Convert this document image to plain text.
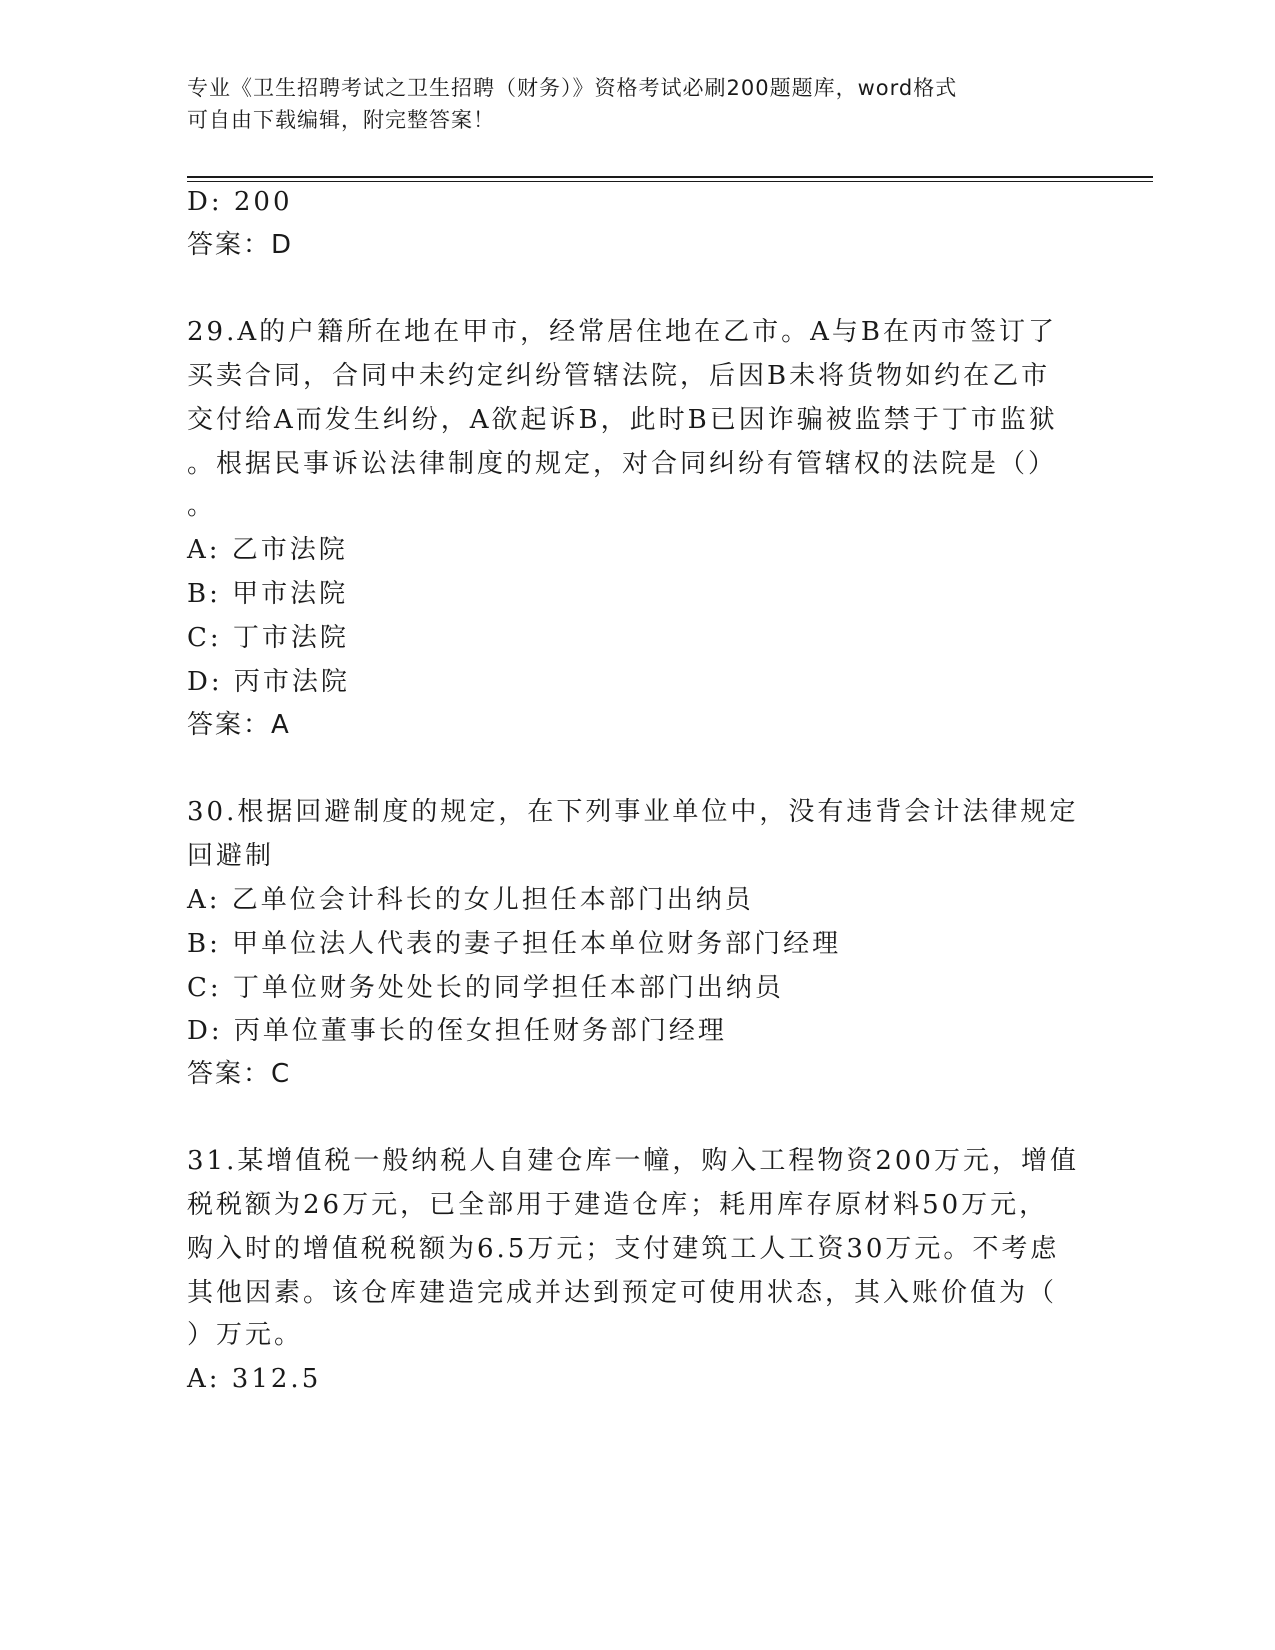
专业《卫生招聘考试之卫生招聘（财务）》资格考试必刷200题题库，word格式
可自由下载编辑，附完整答案！
D: 200
答案：D
29.A的户籍所在地在甲市，经常居住地在乙市。A与B在丙市签订了
买卖合同，合同中未约定纠纷管辖法院，后因B未将货物如约在乙市
交付给A而发生纠纷，A欲起诉B，此时B已因诈骗被监禁于丁市监狱
。根据民事诉讼法律制度的规定，对合同纠纷有管辖权的法院是（）
。
A: 乙市法院
B: 甲市法院
C: 丁市法院
D: 丙市法院
答案：A
30.根据回避制度的规定，在下列事业单位中，没有违背会计法律规定
回避制
A: 乙单位会计科长的女儿担任本部门出纳员
B: 甲单位法人代表的妻子担任本单位财务部门经理
C: 丁单位财务处处长的同学担任本部门出纳员
D: 丙单位董事长的侄女担任财务部门经理
答案：C
31.某增值税一般纳税人自建仓库一幢，购入工程物资200万元，增值
税税额为26万元，已全部用于建造仓库；耗用库存原材料50万元，
购入时的增值税税额为6.5万元；支付建筑工人工资30万元。不考虑
其他因素。该仓库建造完成并达到预定可使用状态，其入账价值为（
）万元。
A: 312.5
